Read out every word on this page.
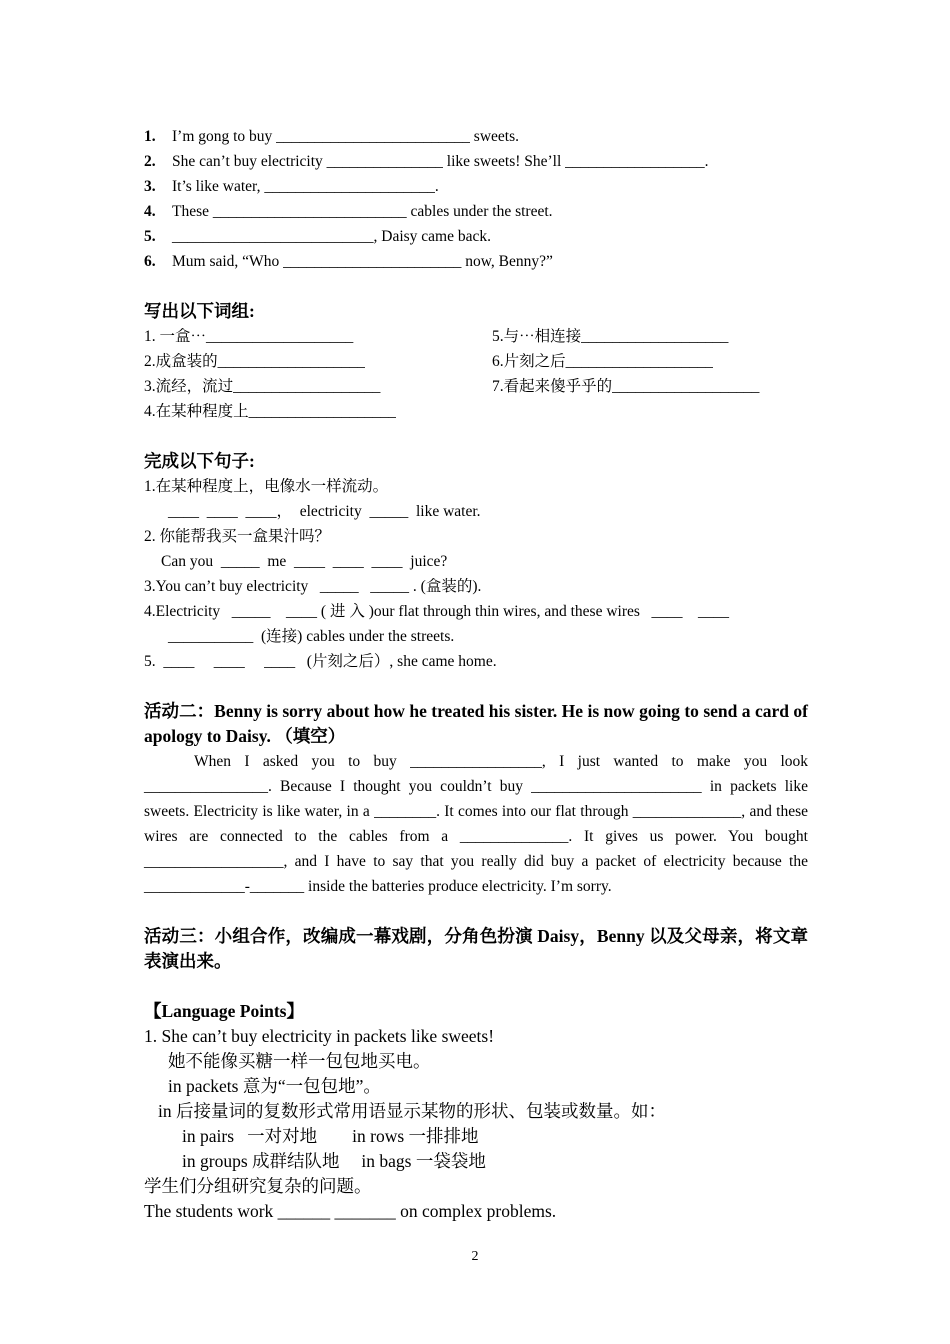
1.	I’m gong to buy _________________________ sweets.
2.	She can’t buy electricity _______________ like sweets! She’ll __________________.
3.	It’s like water, ______________________.
4.	These _________________________ cables under the street.
5.	__________________________, Daisy came back.
6.	Mum said, “Who _______________________ now, Benny?”
写出以下词组:
1. 一盒⋯___________________	5.与⋯相连接___________________
2.成盒装的___________________	6.片刻之后___________________
3.流经，流过___________________	7.看起来傻乎乎的___________________
4.在某种程度上___________________
完成以下句子:
1.在某种程度上，电像水一样流动。
____  ____  ____，  electricity  _____  like water.
2. 你能帮我买一盒果汁吗？
Can you  _____  me  ____  ____  ____  juice?
3.You can’t buy electricity   _____   _____ . (盒装的).
4.Electricity   _____    ____ ( 进 入 )our flat through thin wires, and these wires   ____    ____
___________  (连接) cables under the streets.
5.  ____     ____     ____   (片刻之后）, she came home.
活动二：Benny is sorry about how he treated his sister. He is now going to send a card of apology to Daisy. （填空）
When I asked you to buy _________________, I just wanted to make you look ________________. Because I thought you couldn’t buy ______________________ in packets like sweets. Electricity is like water, in a ________. It comes into our flat through ______________, and these wires are connected to the cables from a ______________. It gives us power. You bought __________________, and I have to say that you really did buy a packet of electricity because the _____________-_______ inside the batteries produce electricity. I’m sorry.
活动三：小组合作，改编成一幕戏剧，分角色扮演 Daisy，Benny 以及父母亲，将文章表演出来。
【Language Points】
1. She can’t buy electricity in packets like sweets!
她不能像买糖一样一包包地买电。
in packets 意为“一包包地”。
in 后接量词的复数形式常用语显示某物的形状、包装或数量。如：
in pairs   一对对地        in rows 一排排地
in groups 成群结队地     in bags 一袋袋地
学生们分组研究复杂的问题。
The students work ______ _______ on complex problems.
2
